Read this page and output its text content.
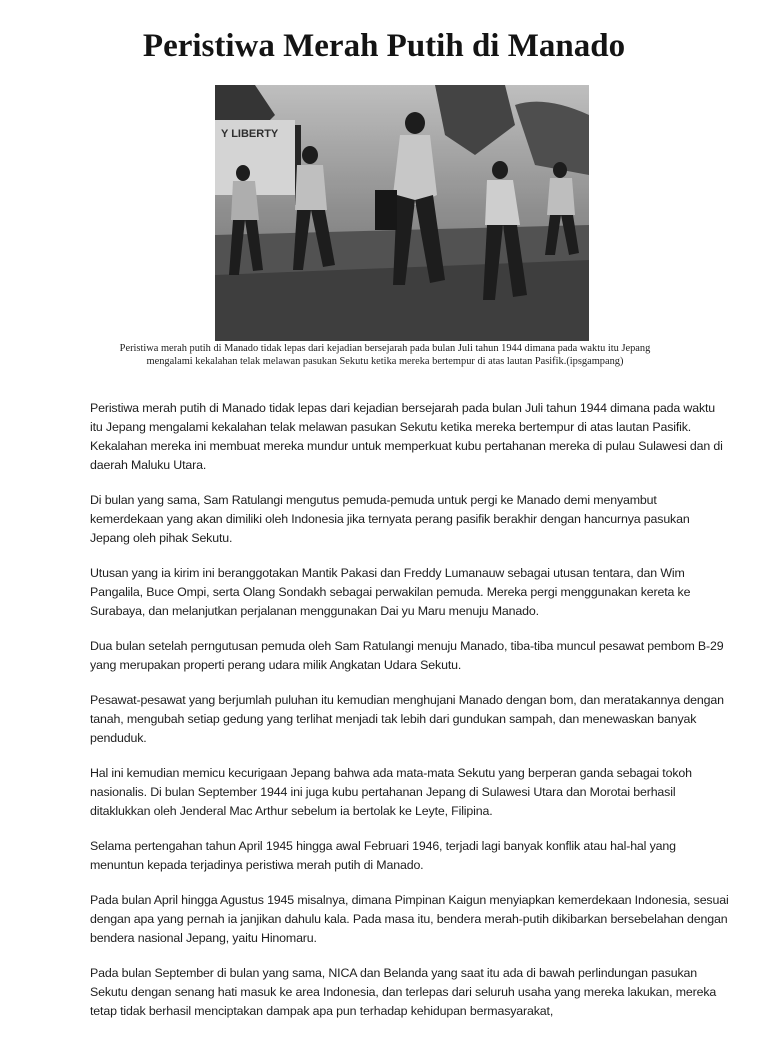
Peristiwa Merah Putih di Manado
Y LIBERTY
Peristiwa merah putih di Manado tidak lepas dari kejadian bersejarah pada bulan Juli tahun 1944 dimana pada waktu itu Jepang mengalami kekalahan telak melawan pasukan Sekutu ketika mereka bertempur di atas lautan Pasifik.(ipsgampang)

Peristiwa merah putih di Manado tidak lepas dari kejadian bersejarah pada bulan Juli tahun 1944 dimana pada waktu itu Jepang mengalami kekalahan telak melawan pasukan Sekutu ketika mereka bertempur di atas lautan Pasifik. Kekalahan mereka ini membuat mereka mundur untuk memperkuat kubu pertahanan mereka di pulau Sulawesi dan di daerah Maluku Utara.

Di bulan yang sama, Sam Ratulangi mengutus pemuda-pemuda untuk pergi ke Manado demi menyambut kemerdekaan yang akan dimiliki oleh Indonesia jika ternyata perang pasifik berakhir dengan hancurnya pasukan Jepang oleh pihak Sekutu.

Utusan yang ia kirim ini beranggotakan Mantik Pakasi dan Freddy Lumanauw sebagai utusan tentara, dan Wim Pangalila, Buce Ompi, serta Olang Sondakh sebagai perwakilan pemuda. Mereka pergi menggunakan kereta ke Surabaya, dan melanjutkan perjalanan menggunakan Dai yu Maru menuju Manado.

Dua bulan setelah perngutusan pemuda oleh Sam Ratulangi menuju Manado, tiba-tiba muncul pesawat pembom B-29 yang merupakan properti perang udara milik Angkatan Udara Sekutu.

Pesawat-pesawat yang berjumlah puluhan itu kemudian menghujani Manado dengan bom, dan meratakannya dengan tanah, mengubah setiap gedung yang terlihat menjadi tak lebih dari gundukan sampah, dan menewaskan banyak penduduk.

Hal ini kemudian memicu kecurigaan Jepang bahwa ada mata-mata Sekutu yang berperan ganda sebagai tokoh nasionalis. Di bulan September 1944 ini juga kubu pertahanan Jepang di Sulawesi Utara dan Morotai berhasil ditaklukkan oleh Jenderal Mac Arthur sebelum ia bertolak ke Leyte, Filipina.

Selama pertengahan tahun April 1945 hingga awal Februari 1946, terjadi lagi banyak konflik atau hal-hal yang menuntun kepada terjadinya peristiwa merah putih di Manado.

Pada bulan April hingga Agustus 1945 misalnya, dimana Pimpinan Kaigun menyiapkan kemerdekaan Indonesia, sesuai dengan apa yang pernah ia janjikan dahulu kala. Pada masa itu, bendera merah-putih dikibarkan bersebelahan dengan bendera nasional Jepang, yaitu Hinomaru.

Pada bulan September di bulan yang sama, NICA dan Belanda yang saat itu ada di bawah perlindungan pasukan Sekutu dengan senang hati masuk ke area Indonesia, dan terlepas dari seluruh usaha yang mereka lakukan, mereka tetap tidak berhasil menciptakan dampak apa pun terhadap kehidupan bermasyarakat,
